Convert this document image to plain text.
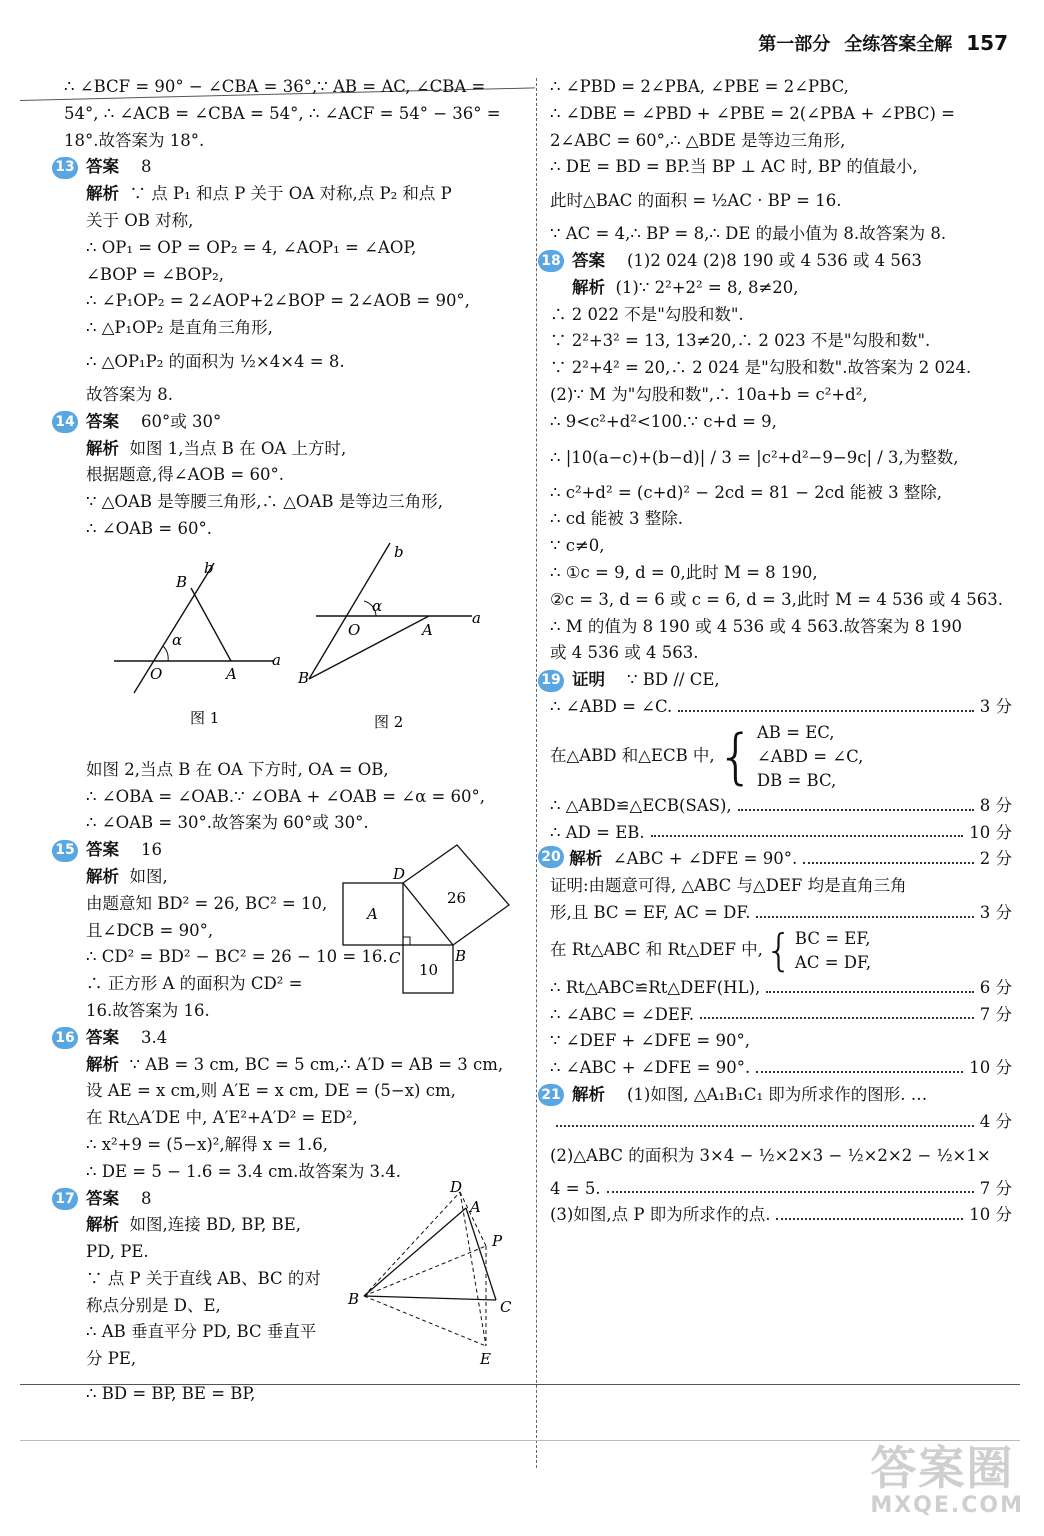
第一部分 全练答案全解 157
∴ ∠BCF = 90° − ∠CBA = 36°,∵ AB = AC, ∠CBA =
54°, ∴ ∠ACB = ∠CBA = 54°, ∴ ∠ACF = 54° − 36° =
18°.故答案为 18°.
13 答案 8
解析 ∵ 点 P₁ 和点 P 关于 OA 对称,点 P₂ 和点 P
关于 OB 对称,
∴ OP₁ = OP = OP₂ = 4, ∠AOP₁ = ∠AOP,
∠BOP = ∠BOP₂,
∴ ∠P₁OP₂ = 2∠AOP+2∠BOP = 2∠AOB = 90°,
∴ △P₁OP₂ 是直角三角形,
∴ △OP₁P₂ 的面积为 ½×4×4 = 8.
故答案为 8.
14 答案 60°或 30°
解析 如图 1,当点 B 在 OA 上方时,
根据题意,得∠AOB = 60°.
∵ △OAB 是等腰三角形,∴ △OAB 是等边三角形,
∴ ∠OAB = 60°.
b
B
α
O	A
a
图 1
b
α
O	A
a
B
图 2
如图 2,当点 B 在 OA 下方时, OA = OB,
∴ ∠OBA = ∠OAB.∵ ∠OBA + ∠OAB = ∠α = 60°,
∴ ∠OAB = 30°.故答案为 60°或 30°.
15 答案 16
解析 如图,
由题意知 BD² = 26, BC² = 10,
且∠DCB = 90°,
∴ CD² = BD² − BC² = 26 − 10 = 16.
∴ 正方形 A 的面积为 CD² =
16.故答案为 16.
D
C	B
A
26
10
16 答案 3.4
解析 ∵ AB = 3 cm, BC = 5 cm,∴ A′D = AB = 3 cm,
设 AE = x cm,则 A′E = x cm, DE = (5−x) cm,
在 Rt△A′DE 中, A′E²+A′D² = ED²,
∴ x²+9 = (5−x)²,解得 x = 1.6,
∴ DE = 5 − 1.6 = 3.4 cm.故答案为 3.4.
17 答案 8
解析 如图,连接 BD, BP, BE,
PD, PE.
∵ 点 P 关于直线 AB、BC 的对
称点分别是 D、E,
∴ AB 垂直平分 PD, BC 垂直平
分 PE,
∴ BD = BP, BE = BP,
D
A
P
B	C
E
∴ ∠PBD = 2∠PBA, ∠PBE = 2∠PBC,
∴ ∠DBE = ∠PBD + ∠PBE = 2(∠PBA + ∠PBC) =
2∠ABC = 60°,∴ △BDE 是等边三角形,
∴ DE = BD = BP.当 BP ⊥ AC 时, BP 的值最小,
此时△BAC 的面积 = ½AC · BP = 16.
∵ AC = 4,∴ BP = 8,∴ DE 的最小值为 8.故答案为 8.
18 答案 (1)2 024 (2)8 190 或 4 536 或 4 563
解析 (1)∵ 2²+2² = 8, 8≠20,
∴ 2 022 不是"勾股和数".
∵ 2²+3² = 13, 13≠20,∴ 2 023 不是"勾股和数".
∵ 2²+4² = 20,∴ 2 024 是"勾股和数".故答案为 2 024.
(2)∵ M 为"勾股和数",∴ 10a+b = c²+d²,
∴ 9<c²+d²<100.∵ c+d = 9,
∴ |10(a−c)+(b−d)| / 3 = |c²+d²−9−9c| / 3,为整数,
∴ c²+d² = (c+d)² − 2cd = 81 − 2cd 能被 3 整除,
∴ cd 能被 3 整除.
∵ c≠0,
∴ ①c = 9, d = 0,此时 M = 8 190,
②c = 3, d = 6 或 c = 6, d = 3,此时 M = 4 536 或 4 563.
∴ M 的值为 8 190 或 4 536 或 4 563.故答案为 8 190
或 4 536 或 4 563.
19 证明 ∵ BD // CE,
∴ ∠ABD = ∠C.	3 分
在△ABD 和△ECB 中, { AB = EC,
∠ABD = ∠C,
DB = BC,
∴ △ABD≌△ECB(SAS),	8 分
∴ AD = EB.	10 分
20
解析
∠ABC + ∠DFE = 90°.	2 分
证明:由题意可得, △ABC 与△DEF 均是直角三角
形,且 BC = EF, AC = DF.	3 分
在 Rt△ABC 和 Rt△DEF 中, { BC = EF,
AC = DF,
∴ Rt△ABC≌Rt△DEF(HL),	6 分
∴ ∠ABC = ∠DEF.	7 分
∵ ∠DEF + ∠DFE = 90°,
∴ ∠ABC + ∠DFE = 90°.	10 分
21 解析 (1)如图, △A₁B₁C₁ 即为所求作的图形. …
4 分
(2)△ABC 的面积为 3×4 − ½×2×3 − ½×2×2 − ½×1×
4 = 5.	7 分
(3)如图,点 P 即为所求作的点.	10 分
答案圈
MXQE.COM
